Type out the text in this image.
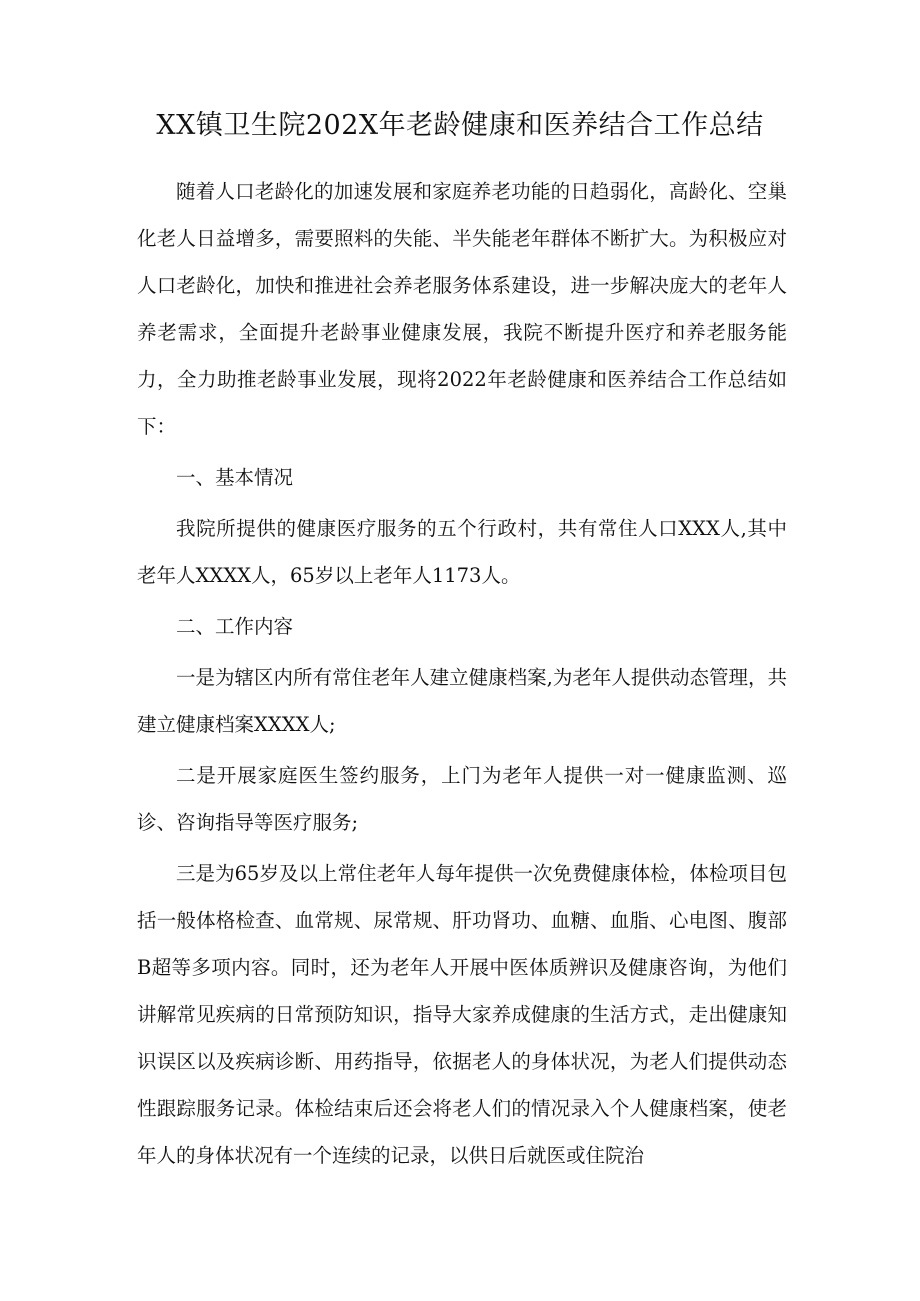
XX镇卫生院202X年老龄健康和医养结合工作总结

随着人口老龄化的加速发展和家庭养老功能的日趋弱化，高龄化、空巢化老人日益增多，需要照料的失能、半失能老年群体不断扩大。为积极应对人口老龄化，加快和推进社会养老服务体系建设，进一步解决庞大的老年人养老需求，全面提升老龄事业健康发展，我院不断提升医疗和养老服务能力，全力助推老龄事业发展，现将2022年老龄健康和医养结合工作总结如下：

一、基本情况

我院所提供的健康医疗服务的五个行政村，共有常住人口XXX人,其中老年人XXXX人，65岁以上老年人1173人。

二、工作内容

一是为辖区内所有常住老年人建立健康档案,为老年人提供动态管理，共建立健康档案XXXX人;

二是开展家庭医生签约服务，上门为老年人提供一对一健康监测、巡诊、咨询指导等医疗服务;

三是为65岁及以上常住老年人每年提供一次免费健康体检，体检项目包括一般体格检查、血常规、尿常规、肝功肾功、血糖、血脂、心电图、腹部B超等多项内容。同时，还为老年人开展中医体质辨识及健康咨询，为他们讲解常见疾病的日常预防知识，指导大家养成健康的生活方式，走出健康知识误区以及疾病诊断、用药指导，依据老人的身体状况，为老人们提供动态性跟踪服务记录。体检结束后还会将老人们的情况录入个人健康档案，使老年人的身体状况有一个连续的记录，以供日后就医或住院治
